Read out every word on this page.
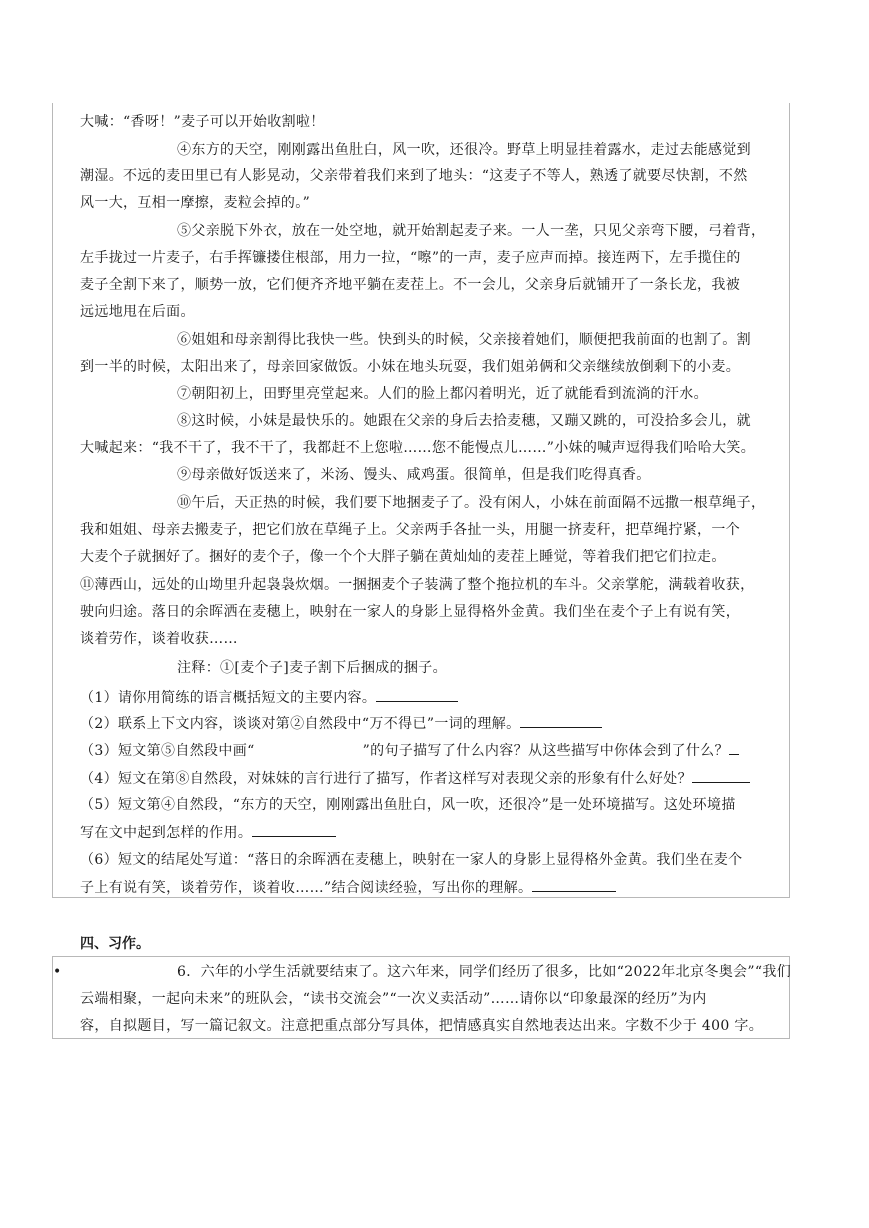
大喊：“香呀！”麦子可以开始收割啦！
④东方的天空，刚刚露出鱼肚白，风一吹，还很冷。野草上明显挂着露水，走过去能感觉到
潮湿。不远的麦田里已有人影晃动，父亲带着我们来到了地头：“这麦子不等人，熟透了就要尽快割，不然
风一大，互相一摩擦，麦粒会掉的。”
⑤父亲脱下外衣，放在一处空地，就开始割起麦子来。一人一垄，只见父亲弯下腰，弓着背，
左手拢过一片麦子，右手挥镰搂住根部，用力一拉，“嚓”的一声，麦子应声而掉。接连两下，左手揽住的
麦子全割下来了，顺势一放，它们便齐齐地平躺在麦茬上。不一会儿，父亲身后就铺开了一条长龙，我被
远远地甩在后面。
⑥姐姐和母亲割得比我快一些。快到头的时候，父亲接着她们，顺便把我前面的也割了。割
到一半的时候，太阳出来了，母亲回家做饭。小妹在地头玩耍，我们姐弟俩和父亲继续放倒剩下的小麦。
⑦朝阳初上，田野里亮堂起来。人们的脸上都闪着明光，近了就能看到流淌的汗水。
⑧这时候，小妹是最快乐的。她跟在父亲的身后去拾麦穗，又蹦又跳的，可没拾多会儿，就
大喊起来：“我不干了，我不干了，我都赶不上您啦……您不能慢点儿……”小妹的喊声逗得我们哈哈大笑。
⑨母亲做好饭送来了，米汤、馒头、咸鸡蛋。很简单，但是我们吃得真香。
⑩午后，天正热的时候，我们要下地捆麦子了。没有闲人，小妹在前面隔不远撒一根草绳子，
我和姐姐、母亲去搬麦子，把它们放在草绳子上。父亲两手各扯一头，用腿一挤麦秆，把草绳拧紧，一个
大麦个子就捆好了。捆好的麦个子，像一个个大胖子躺在黄灿灿的麦茬上睡觉，等着我们把它们拉走。
⑪薄西山，远处的山坳里升起袅袅炊烟。一捆捆麦个子装满了整个拖拉机的车斗。父亲掌舵，满载着收获，
驶向归途。落日的余晖洒在麦穗上，映射在一家人的身影上显得格外金黄。我们坐在麦个子上有说有笑，
谈着劳作，谈着收获……
注释：①[麦个子]麦子割下后捆成的捆子。
（1）请你用简练的语言概括短文的主要内容。
（2）联系上下文内容，谈谈对第②自然段中“万不得已”一词的理解。
（3）短文第⑤自然段中画“	”的句子描写了什么内容？从这些描写中你体会到了什么？
（4）短文在第⑧自然段，对妹妹的言行进行了描写，作者这样写对表现父亲的形象有什么好处？
（5）短文第④自然段，“东方的天空，刚刚露出鱼肚白，风一吹，还很冷”是一处环境描写。这处环境描
写在文中起到怎样的作用。
（6）短文的结尾处写道：“落日的余晖洒在麦穗上，映射在一家人的身影上显得格外金黄。我们坐在麦个
子上有说有笑，谈着劳作，谈着收……”结合阅读经验，写出你的理解。
四、习作。
•	6．六年的小学生活就要结束了。这六年来，同学们经历了很多，比如“2022年北京冬奥会”“我们
云端相聚，一起向未来”的班队会，“读书交流会”“一次义卖活动”……请你以“印象最深的经历”为内
容，自拟题目，写一篇记叙文。注意把重点部分写具体，把情感真实自然地表达出来。字数不少于 400 字。
